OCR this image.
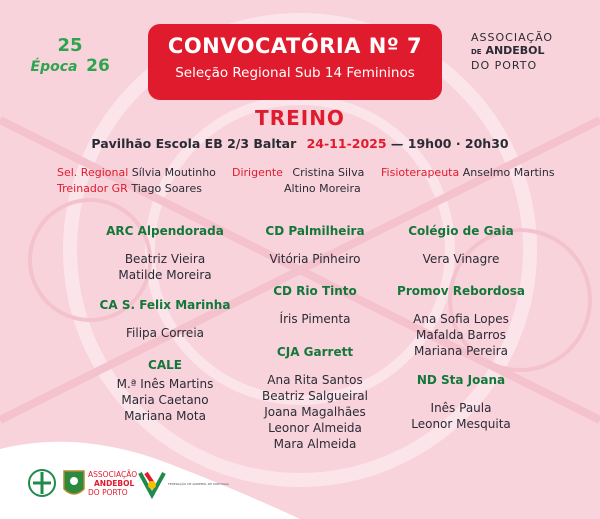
25
Época 26
CONVOCATÓRIA Nº 7
Seleção Regional Sub 14 Femininos
ASSOCIAÇÃO
DE ANDEBOL
DO PORTO
TREINO
Pavilhão Escola EB 2/3 Baltar 24-11-2025 — 19h00 · 20h30
Sel. Regional Sílvia Moutinho
Treinador GR Tiago Soares
Dirigente Cristina Silva
Altino Moreira
Fisioterapeuta Anselmo Martins
ARC Alpendorada
Beatriz Vieira
Matilde Moreira
CA S. Felix Marinha
Filipa Correia
CALE
M.ª Inês Martins
Maria Caetano
Mariana Mota
CD Palmilheira
Vitória Pinheiro
CD Rio Tinto
Íris Pimenta
CJA Garrett
Ana Rita Santos
Beatriz Salgueiral
Joana Magalhães
Leonor Almeida
Mara Almeida
Colégio de Gaia
Vera Vinagre
Promov Rebordosa
Ana Sofia Lopes
Mafalda Barros
Mariana Pereira
ND Sta Joana
Inês Paula
Leonor Mesquita
ASSOCIAÇÃO
ANDEBOL
DO PORTO
FEDERAÇÃO DE ANDEBOL DE PORTUGAL
